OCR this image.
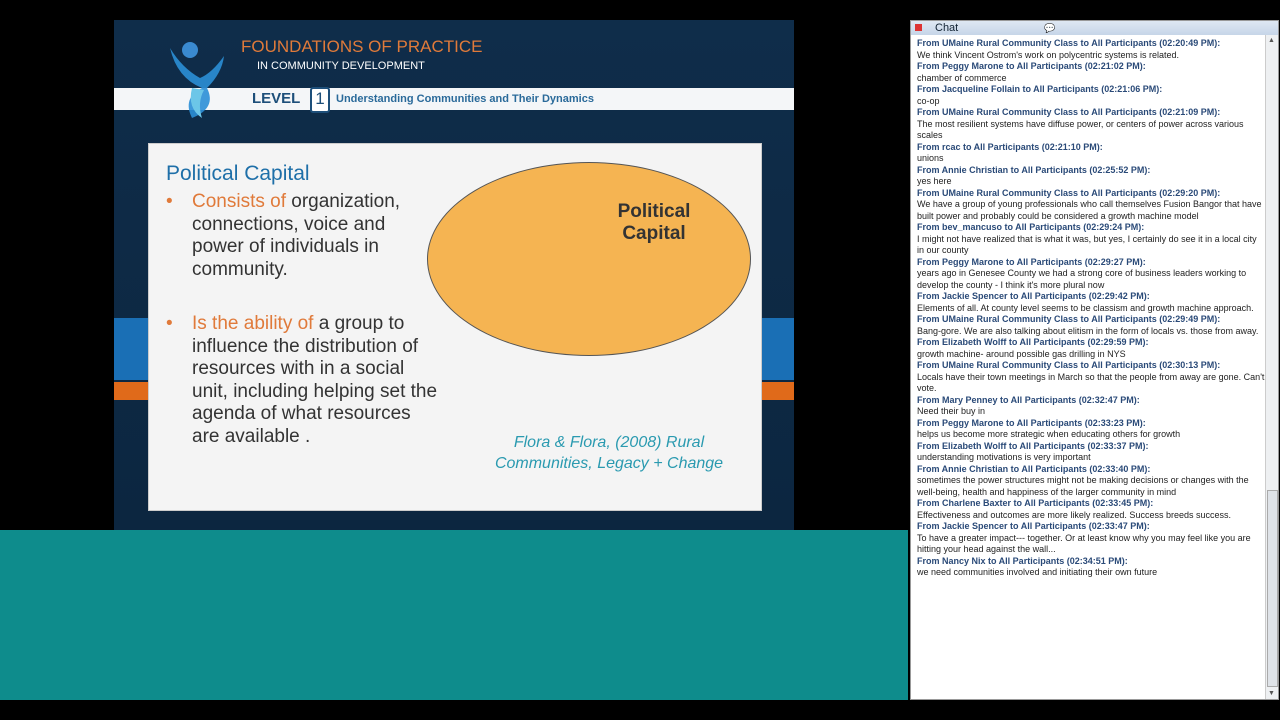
FOUNDATIONS OF PRACTICE
IN COMMUNITY DEVELOPMENT
LEVEL 1	Understanding Communities and Their Dynamics
Political Capital
• Consists of organization, connections, voice and power of individuals in community.
• Is the ability of a group to influence the distribution of resources with in a social unit, including helping set the agenda of what resources are available .
Political Capital
Flora & Flora, (2008) Rural Communities, Legacy + Change
Chat	💬
From UMaine Rural Community Class to All Participants (02:20:49 PM):
We think Vincent Ostrom's work on polycentric systems is related.
From Peggy Marone to All Participants (02:21:02 PM):
chamber of commerce
From Jacqueline Follain to All Participants (02:21:06 PM):
co-op
From UMaine Rural Community Class to All Participants (02:21:09 PM):
The most resilient systems have diffuse power, or centers of power across various scales
From rcac to All Participants (02:21:10 PM):
unions
From Annie Christian to All Participants (02:25:52 PM):
yes here
From UMaine Rural Community Class to All Participants (02:29:20 PM):
We have a group of young professionals who call themselves Fusion Bangor that have built power and probably could be considered a growth machine model
From bev_mancuso to All Participants (02:29:24 PM):
I might not have realized that is what it was, but yes, I certainly do see it in a local city in our county
From Peggy Marone to All Participants (02:29:27 PM):
years ago in Genesee County we had a strong core of business leaders working to develop the county - I think it's more plural now
From Jackie Spencer to All Participants (02:29:42 PM):
Elements of all. At county level seems to be classism and growth machine approach.
From UMaine Rural Community Class to All Participants (02:29:49 PM):
Bang-gore. We are also talking about elitism in the form of locals vs. those from away.
From Elizabeth Wolff to All Participants (02:29:59 PM):
growth machine- around possible gas drilling in NYS
From UMaine Rural Community Class to All Participants (02:30:13 PM):
Locals have their town meetings in March so that the people from away are gone. Can't vote.
From Mary Penney to All Participants (02:32:47 PM):
Need their buy in
From Peggy Marone to All Participants (02:33:23 PM):
helps us become more strategic when educating others for growth
From Elizabeth Wolff to All Participants (02:33:37 PM):
understanding motivations is very important
From Annie Christian to All Participants (02:33:40 PM):
sometimes the power structures might not be making decisions or changes with the well-being, health and happiness of the larger community in mind
From Charlene Baxter to All Participants (02:33:45 PM):
Effectiveness and outcomes are more likely realized. Success breeds success.
From Jackie Spencer to All Participants (02:33:47 PM):
To have a greater impact--- together. Or at least know why you may feel like you are hitting your head against the wall...
From Nancy Nix to All Participants (02:34:51 PM):
we need communities involved and initiating their own future
▲
▼
